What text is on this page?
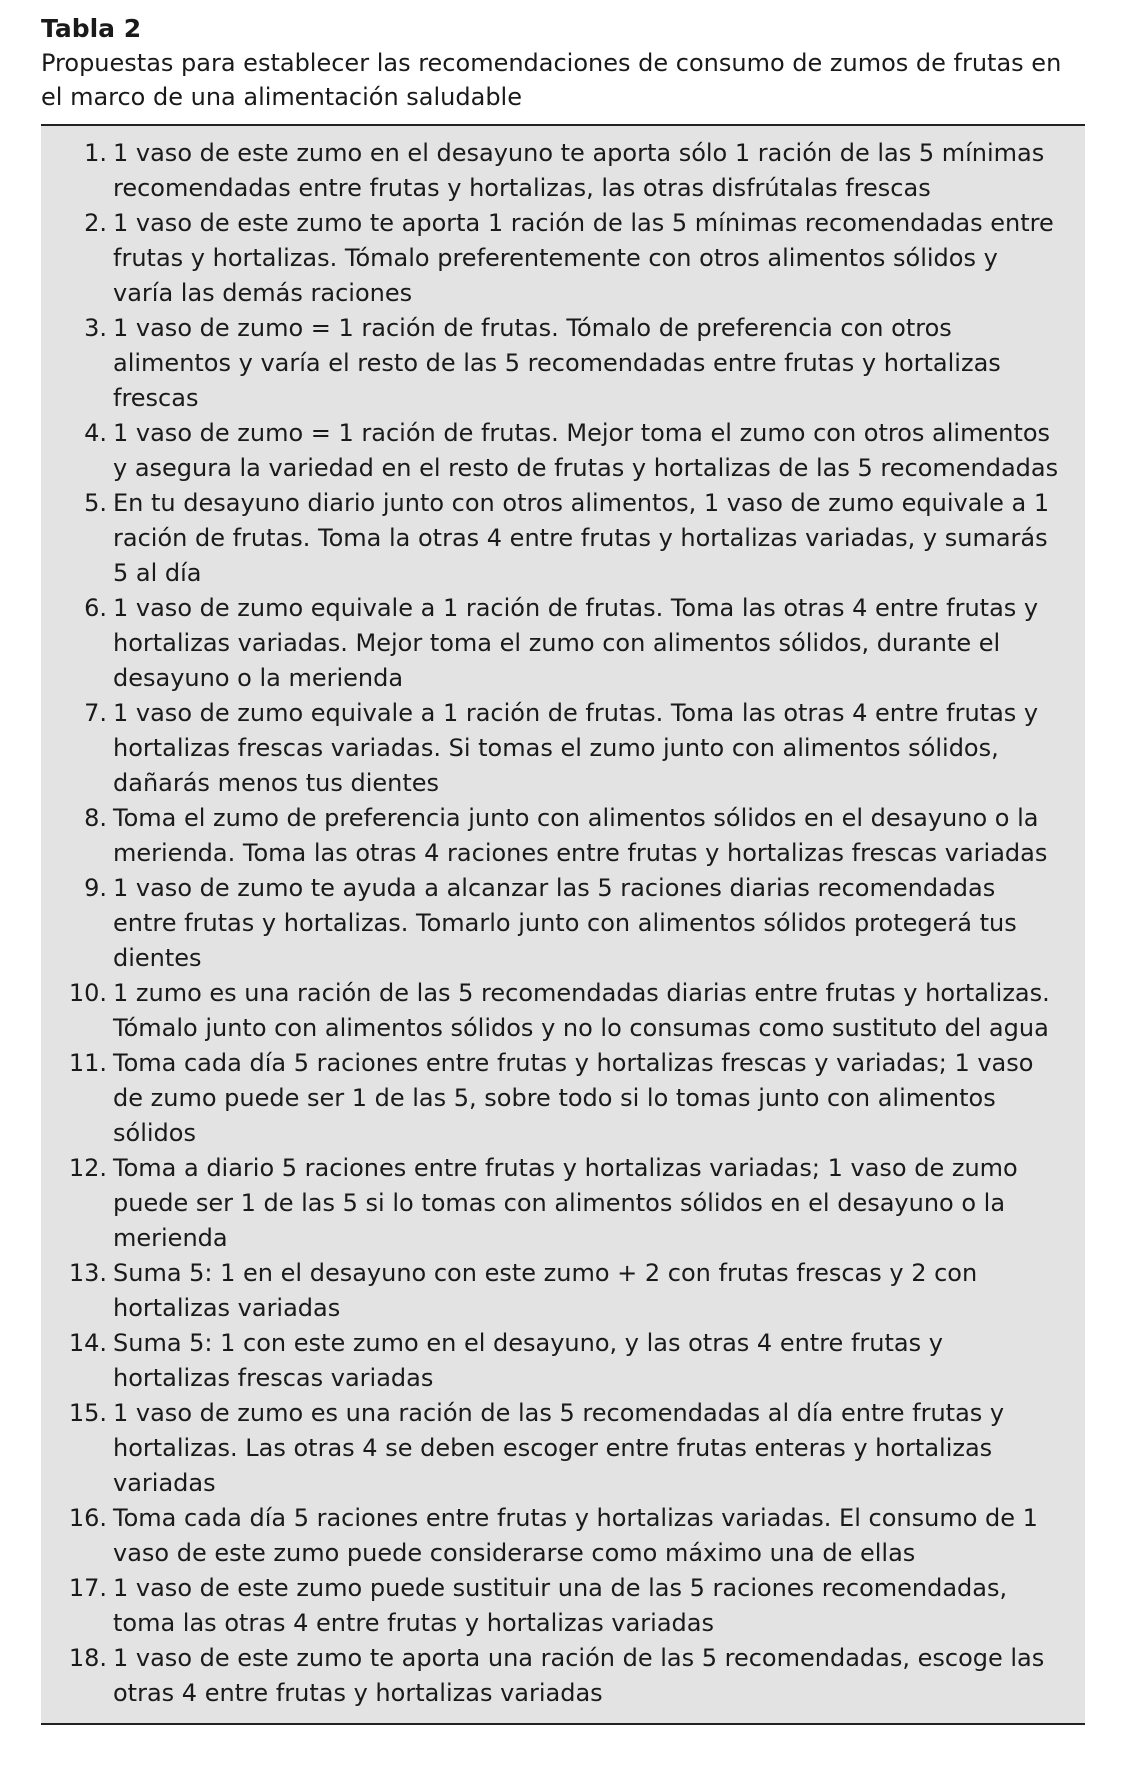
Tabla 2

Propuestas para establecer las recomendaciones de consumo de zumos de frutas en el marco de una alimentación saludable

1. 1 vaso de este zumo en el desayuno te aporta sólo 1 ración de las 5 mínimas recomendadas entre frutas y hortalizas, las otras disfrútalas frescas
2. 1 vaso de este zumo te aporta 1 ración de las 5 mínimas recomendadas entre frutas y hortalizas. Tómalo preferentemente con otros alimentos sólidos y varía las demás raciones
3. 1 vaso de zumo = 1 ración de frutas. Tómalo de preferencia con otros alimentos y varía el resto de las 5 recomendadas entre frutas y hortalizas frescas
4. 1 vaso de zumo = 1 ración de frutas. Mejor toma el zumo con otros alimentos y asegura la variedad en el resto de frutas y hortalizas de las 5 recomendadas
5. En tu desayuno diario junto con otros alimentos, 1 vaso de zumo equivale a 1 ración de frutas. Toma la otras 4 entre frutas y hortalizas variadas, y sumarás 5 al día
6. 1 vaso de zumo equivale a 1 ración de frutas. Toma las otras 4 entre frutas y hortalizas variadas. Mejor toma el zumo con alimentos sólidos, durante el desayuno o la merienda
7. 1 vaso de zumo equivale a 1 ración de frutas. Toma las otras 4 entre frutas y hortalizas frescas variadas. Si tomas el zumo junto con alimentos sólidos, dañarás menos tus dientes
8. Toma el zumo de preferencia junto con alimentos sólidos en el desayuno o la merienda. Toma las otras 4 raciones entre frutas y hortalizas frescas variadas
9. 1 vaso de zumo te ayuda a alcanzar las 5 raciones diarias recomendadas entre frutas y hortalizas. Tomarlo junto con alimentos sólidos protegerá tus dientes
10. 1 zumo es una ración de las 5 recomendadas diarias entre frutas y hortalizas. Tómalo junto con alimentos sólidos y no lo consumas como sustituto del agua
11. Toma cada día 5 raciones entre frutas y hortalizas frescas y variadas; 1 vaso de zumo puede ser 1 de las 5, sobre todo si lo tomas junto con alimentos sólidos
12. Toma a diario 5 raciones entre frutas y hortalizas variadas; 1 vaso de zumo puede ser 1 de las 5 si lo tomas con alimentos sólidos en el desayuno o la merienda
13. Suma 5: 1 en el desayuno con este zumo + 2 con frutas frescas y 2 con hortalizas variadas
14. Suma 5: 1 con este zumo en el desayuno, y las otras 4 entre frutas y hortalizas frescas variadas
15. 1 vaso de zumo es una ración de las 5 recomendadas al día entre frutas y hortalizas. Las otras 4 se deben escoger entre frutas enteras y hortalizas variadas
16. Toma cada día 5 raciones entre frutas y hortalizas variadas. El consumo de 1 vaso de este zumo puede considerarse como máximo una de ellas
17. 1 vaso de este zumo puede sustituir una de las 5 raciones recomendadas, toma las otras 4 entre frutas y hortalizas variadas
18. 1 vaso de este zumo te aporta una ración de las 5 recomendadas, escoge las otras 4 entre frutas y hortalizas variadas
